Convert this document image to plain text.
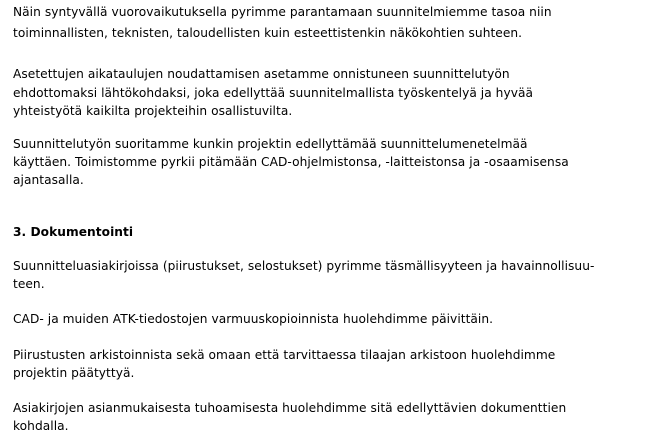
Näin syntyvällä vuorovaikutuksella pyrimme parantamaan suunnitelmiemme tasoa niin
toiminnallisten, teknisten, taloudellisten kuin esteettistenkin näkökohtien suhteen.
Asetettujen aikataulujen noudattamisen asetamme onnistuneen suunnittelutyön
ehdottomaksi lähtökohdaksi, joka edellyttää suunnitelmallista työskentelyä ja hyvää
yhteistyötä kaikilta projekteihin osallistuvilta.
Suunnittelutyön suoritamme kunkin projektin edellyttämää suunnittelumenetelmää
käyttäen. Toimistomme pyrkii pitämään CAD-ohjelmistonsa, -laitteistonsa ja -osaamisensa
ajantasalla.
3. Dokumentointi
Suunnitteluasiakirjoissa (piirustukset, selostukset) pyrimme täsmällisyyteen ja havainnollisuu-
teen.
CAD- ja muiden ATK-tiedostojen varmuuskopioinnista huolehdimme päivittäin.
Piirustusten arkistoinnista sekä omaan että tarvittaessa tilaajan arkistoon huolehdimme
projektin päätyttyä.
Asiakirjojen asianmukaisesta tuhoamisesta huolehdimme sitä edellyttävien dokumenttien
kohdalla.
